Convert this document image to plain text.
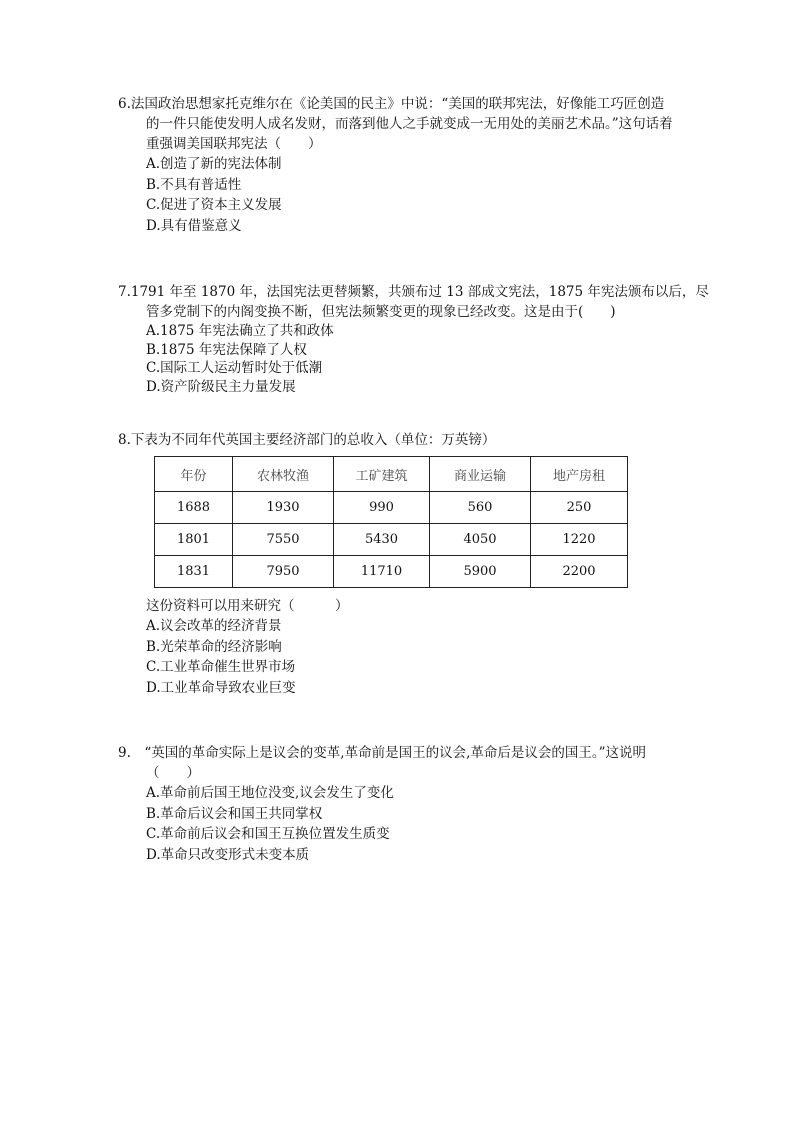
6.法国政治思想家托克维尔在《论美国的民主》中说：“美国的联邦宪法，好像能工巧匠创造
的一件只能使发明人成名发财，而落到他人之手就变成一无用处的美丽艺术品。”这句话着
重强调美国联邦宪法（　　）
A.创造了新的宪法体制
B.不具有普适性
C.促进了资本主义发展
D.具有借鉴意义
7.1791 年至 1870 年，法国宪法更替频繁，共颁布过 13 部成文宪法，1875 年宪法颁布以后，尽
管多党制下的内阁变换不断，但宪法频繁变更的现象已经改变。这是由于(　　)
A.1875 年宪法确立了共和政体
B.1875 年宪法保障了人权
C.国际工人运动暂时处于低潮
D.资产阶级民主力量发展
8.下表为不同年代英国主要经济部门的总收入（单位：万英镑）
年份	农林牧渔	工矿建筑	商业运输	地产房租
1688	1930	990	560	250
1801	7550	5430	4050	1220
1831	7950	11710	5900	2200
这份资料可以用来研究（　　　）
A.议会改革的经济背景
B.光荣革命的经济影响
C.工业革命催生世界市场
D.工业革命导致农业巨变
9.　“英国的革命实际上是议会的变革,革命前是国王的议会,革命后是议会的国王。”这说明
（　　）
A.革命前后国王地位没变,议会发生了变化
B.革命后议会和国王共同掌权
C.革命前后议会和国王互换位置发生质变
D.革命只改变形式未变本质
